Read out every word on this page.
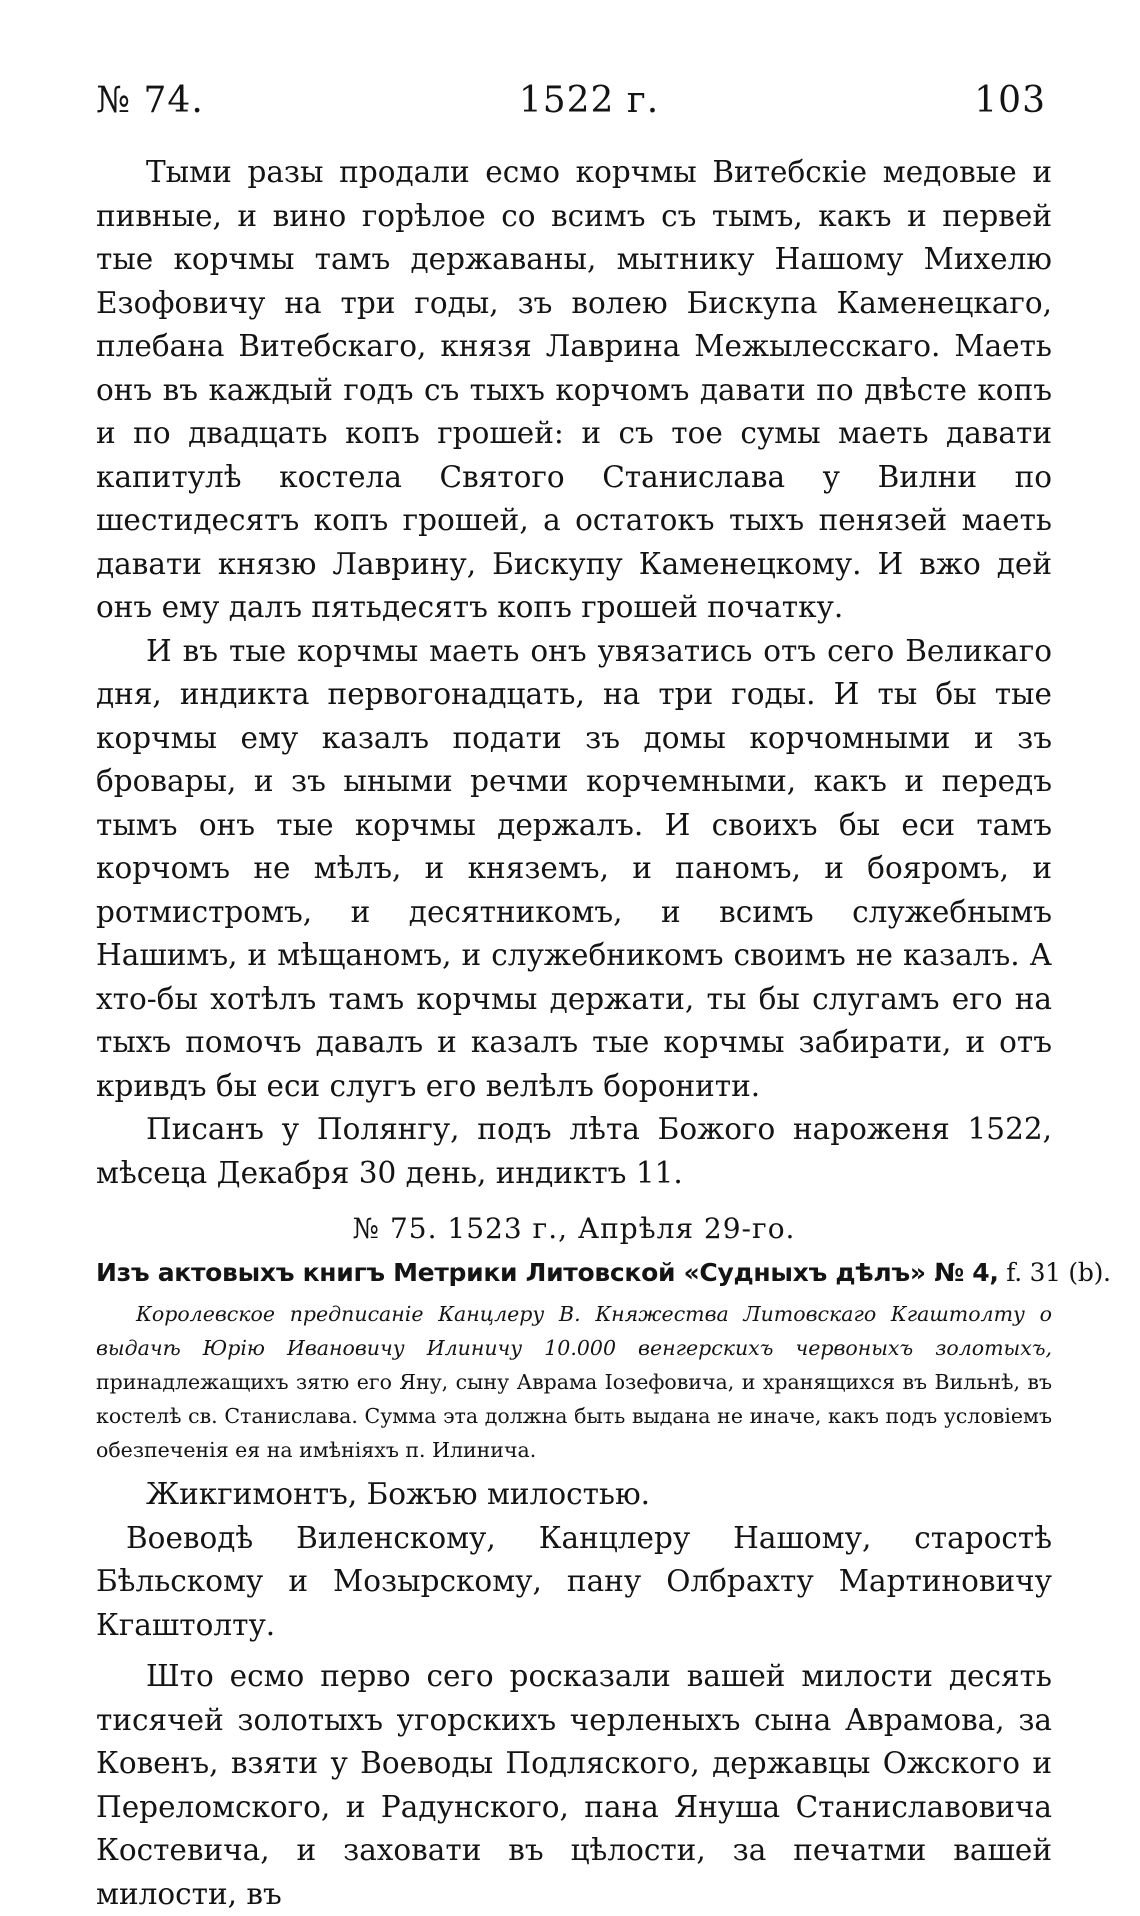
№ 74.	1522 г.	103

Тыми разы продали есмо корчмы Витебскіе медовые и пивные, и вино горѣлое со всимъ съ тымъ, какъ и первей тые корчмы тамъ державаны, мытнику Нашому Михелю Езофовичу на три годы, зъ волею Бискупа Каменецкаго, плебана Витебскаго, князя Лаврина Межылесскаго. Маеть онъ въ каждый годъ съ тыхъ корчомъ давати по двѣсте копъ и по двадцать копъ грошей: и съ тое сумы маеть давати капитулѣ костела Святого Станислава у Вилни по шестидесятъ копъ грошей, а остатокъ тыхъ пенязей маеть давати князю Лаврину, Бискупу Каменецкому. И вжо дей онъ ему далъ пятьдесятъ копъ грошей початку.

И въ тые корчмы маеть онъ увязатись отъ сего Великаго дня, индикта первогонадцать, на три годы. И ты бы тые корчмы ему казалъ подати зъ домы корчомными и зъ бровары, и зъ ыными речми корчемными, какъ и передъ тымъ онъ тые корчмы держалъ. И своихъ бы еси тамъ корчомъ не мѣлъ, и княземъ, и паномъ, и бояромъ, и ротмистромъ, и десятникомъ, и всимъ служебнымъ Нашимъ, и мѣщаномъ, и служебникомъ своимъ не казалъ. А хто-бы хотѣлъ тамъ корчмы держати, ты бы слугамъ его на тыхъ помочъ давалъ и казалъ тые корчмы забирати, и отъ кривдъ бы еси слугъ его велѣлъ боронити.

Писанъ у Полянгу, подъ лѣта Божого нароженя 1522, мѣсеца Декабря 30 день, индиктъ 11.

№ 75. 1523 г., Апрѣля 29-го.
Изъ актовыхъ книгъ Метрики Литовской «Судныхъ дѣлъ» № 4, f. 31 (b).
Королевское предписаніе Канцлеру В. Княжества Литовскаго Кгаштолту о выдачѣ Юрію Ивановичу Илиничу 10.000 венгерскихъ червоныхъ золотыхъ, принадлежащихъ зятю его Яну, сыну Аврама Іозефовича, и хранящихся въ Вильнѣ, въ костелѣ св. Станислава. Сумма эта должна быть выдана не иначе, какъ подъ условіемъ обезпеченія ея на имѣніяхъ п. Илинича.
Жикгимонтъ, Божъю милостью.

Воеводѣ Виленскому, Канцлеру Нашому, старостѣ Бѣльскому и Мозырскому, пану Олбрахту Мартиновичу Кгаштолту.

Што есмо перво сего росказали вашей милости десять тисячей золотыхъ угорскихъ черленыхъ сына Аврамова, за Ковенъ, взяти у Воеводы Подляского, державцы Ожского и Переломского, и Радунского, пана Януша Станиславовича Костевича, и заховати въ цѣлости, за печатми вашей милости, въ
